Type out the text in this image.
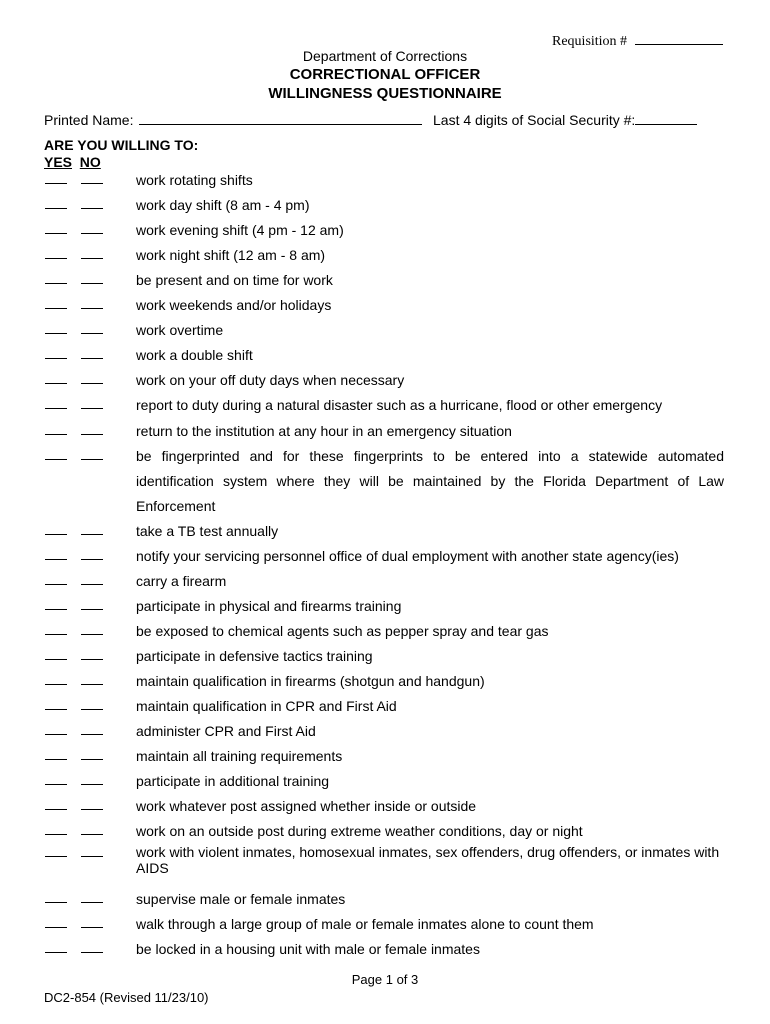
Requisition #
Department of Corrections
CORRECTIONAL OFFICER
WILLINGNESS QUESTIONNAIRE
Printed Name:	Last 4 digits of Social Security #:
ARE YOU WILLING TO:
YES NO
work rotating shifts
work day shift (8 am - 4 pm)
work evening shift (4 pm - 12 am)
work night shift (12 am - 8 am)
be present and on time for work
work weekends and/or holidays
work overtime
work a double shift
work on your off duty days when necessary
report to duty during a natural disaster such as a hurricane, flood or other emergency
return to the institution at any hour in an emergency situation
be fingerprinted and for these fingerprints to be entered into a statewide automated identification system where they will be maintained by the Florida Department of Law Enforcement
take a TB test annually
notify your servicing personnel office of dual employment with another state agency(ies)
carry a firearm
participate in physical and firearms training
be exposed to chemical agents such as pepper spray and tear gas
participate in defensive tactics training
maintain qualification in firearms (shotgun and handgun)
maintain qualification in CPR and First Aid
administer CPR and First Aid
maintain all training requirements
participate in additional training
work whatever post assigned whether inside or outside
work on an outside post during extreme weather conditions, day or night
work with violent inmates, homosexual inmates, sex offenders, drug offenders, or inmates with AIDS
supervise male or female inmates
walk through a large group of male or female inmates alone to count them
be locked in a housing unit with male or female inmates
Page 1 of 3
DC2-854 (Revised 11/23/10)
